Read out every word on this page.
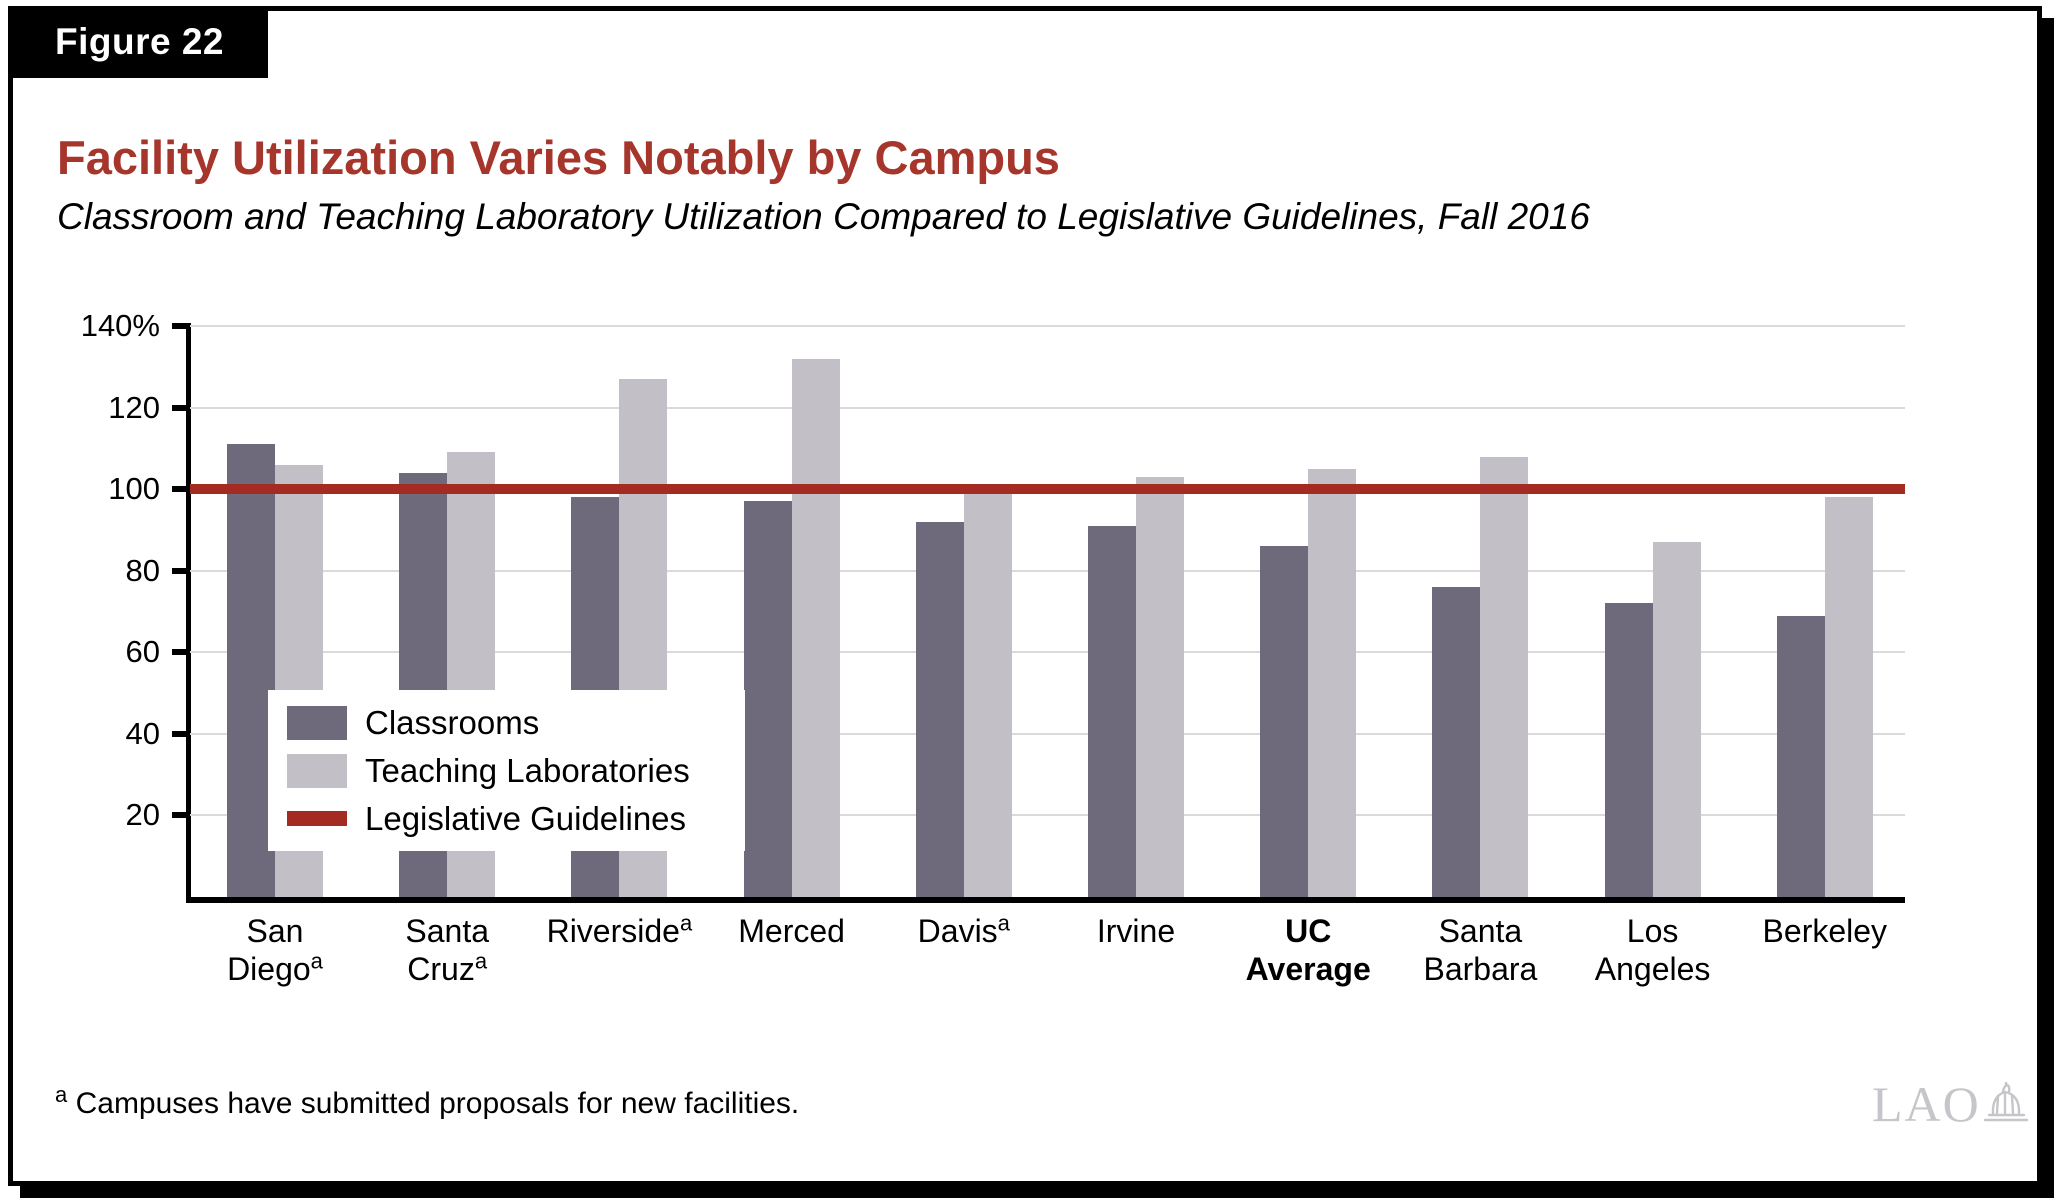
Figure 22
Facility Utilization Varies Notably by Campus
Classroom and Teaching Laboratory Utilization Compared to Legislative Guidelines, Fall 2016
Classrooms
Teaching Laboratories
Legislative Guidelines
$^a$ Campuses have submitted proposals for new facilities.	LAO
140%
120
100
80
60
40
20
San
Diego$^a$
Santa
Cruz$^a$
Riverside$^a$	Merced	Davis$^a$	Irvine	UC
Average
Santa
Barbara
Los
Angeles
Berkeley
